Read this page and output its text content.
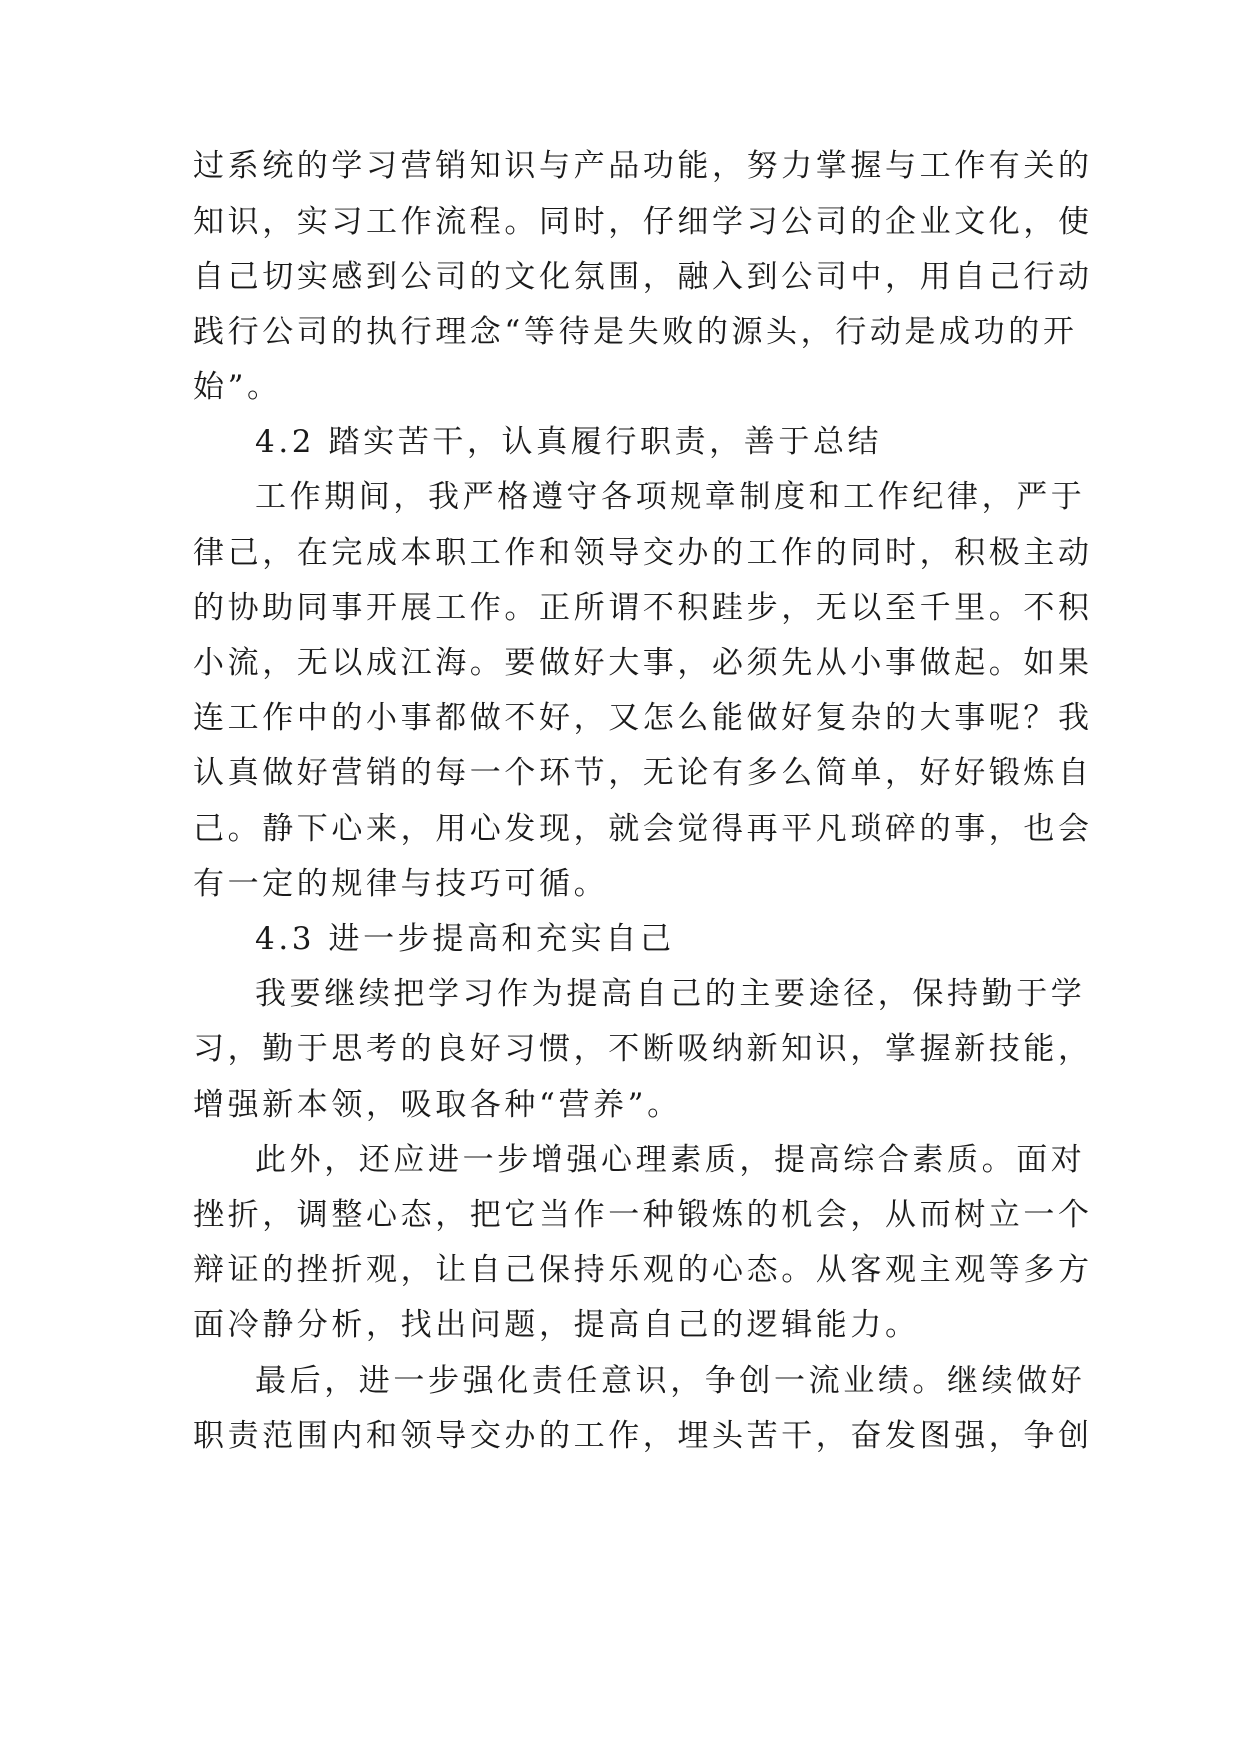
过系统的学习营销知识与产品功能，努力掌握与工作有关的

知识，实习工作流程。同时，仔细学习公司的企业文化，使

自己切实感到公司的文化氛围，融入到公司中，用自己行动

践行公司的执行理念“等待是失败的源头，行动是成功的开

始”。

4.2 踏实苦干，认真履行职责，善于总结

工作期间，我严格遵守各项规章制度和工作纪律，严于

律己，在完成本职工作和领导交办的工作的同时，积极主动

的协助同事开展工作。正所谓不积跬步，无以至千里。不积

小流，无以成江海。要做好大事，必须先从小事做起。如果

连工作中的小事都做不好，又怎么能做好复杂的大事呢？我

认真做好营销的每一个环节，无论有多么简单，好好锻炼自

己。静下心来，用心发现，就会觉得再平凡琐碎的事，也会

有一定的规律与技巧可循。

4.3 进一步提高和充实自己

我要继续把学习作为提高自己的主要途径，保持勤于学

习，勤于思考的良好习惯，不断吸纳新知识，掌握新技能，

增强新本领，吸取各种“营养”。

此外，还应进一步增强心理素质，提高综合素质。面对

挫折，调整心态，把它当作一种锻炼的机会，从而树立一个

辩证的挫折观，让自己保持乐观的心态。从客观主观等多方

面冷静分析，找出问题，提高自己的逻辑能力。

最后，进一步强化责任意识，争创一流业绩。继续做好

职责范围内和领导交办的工作，埋头苦干，奋发图强，争创
